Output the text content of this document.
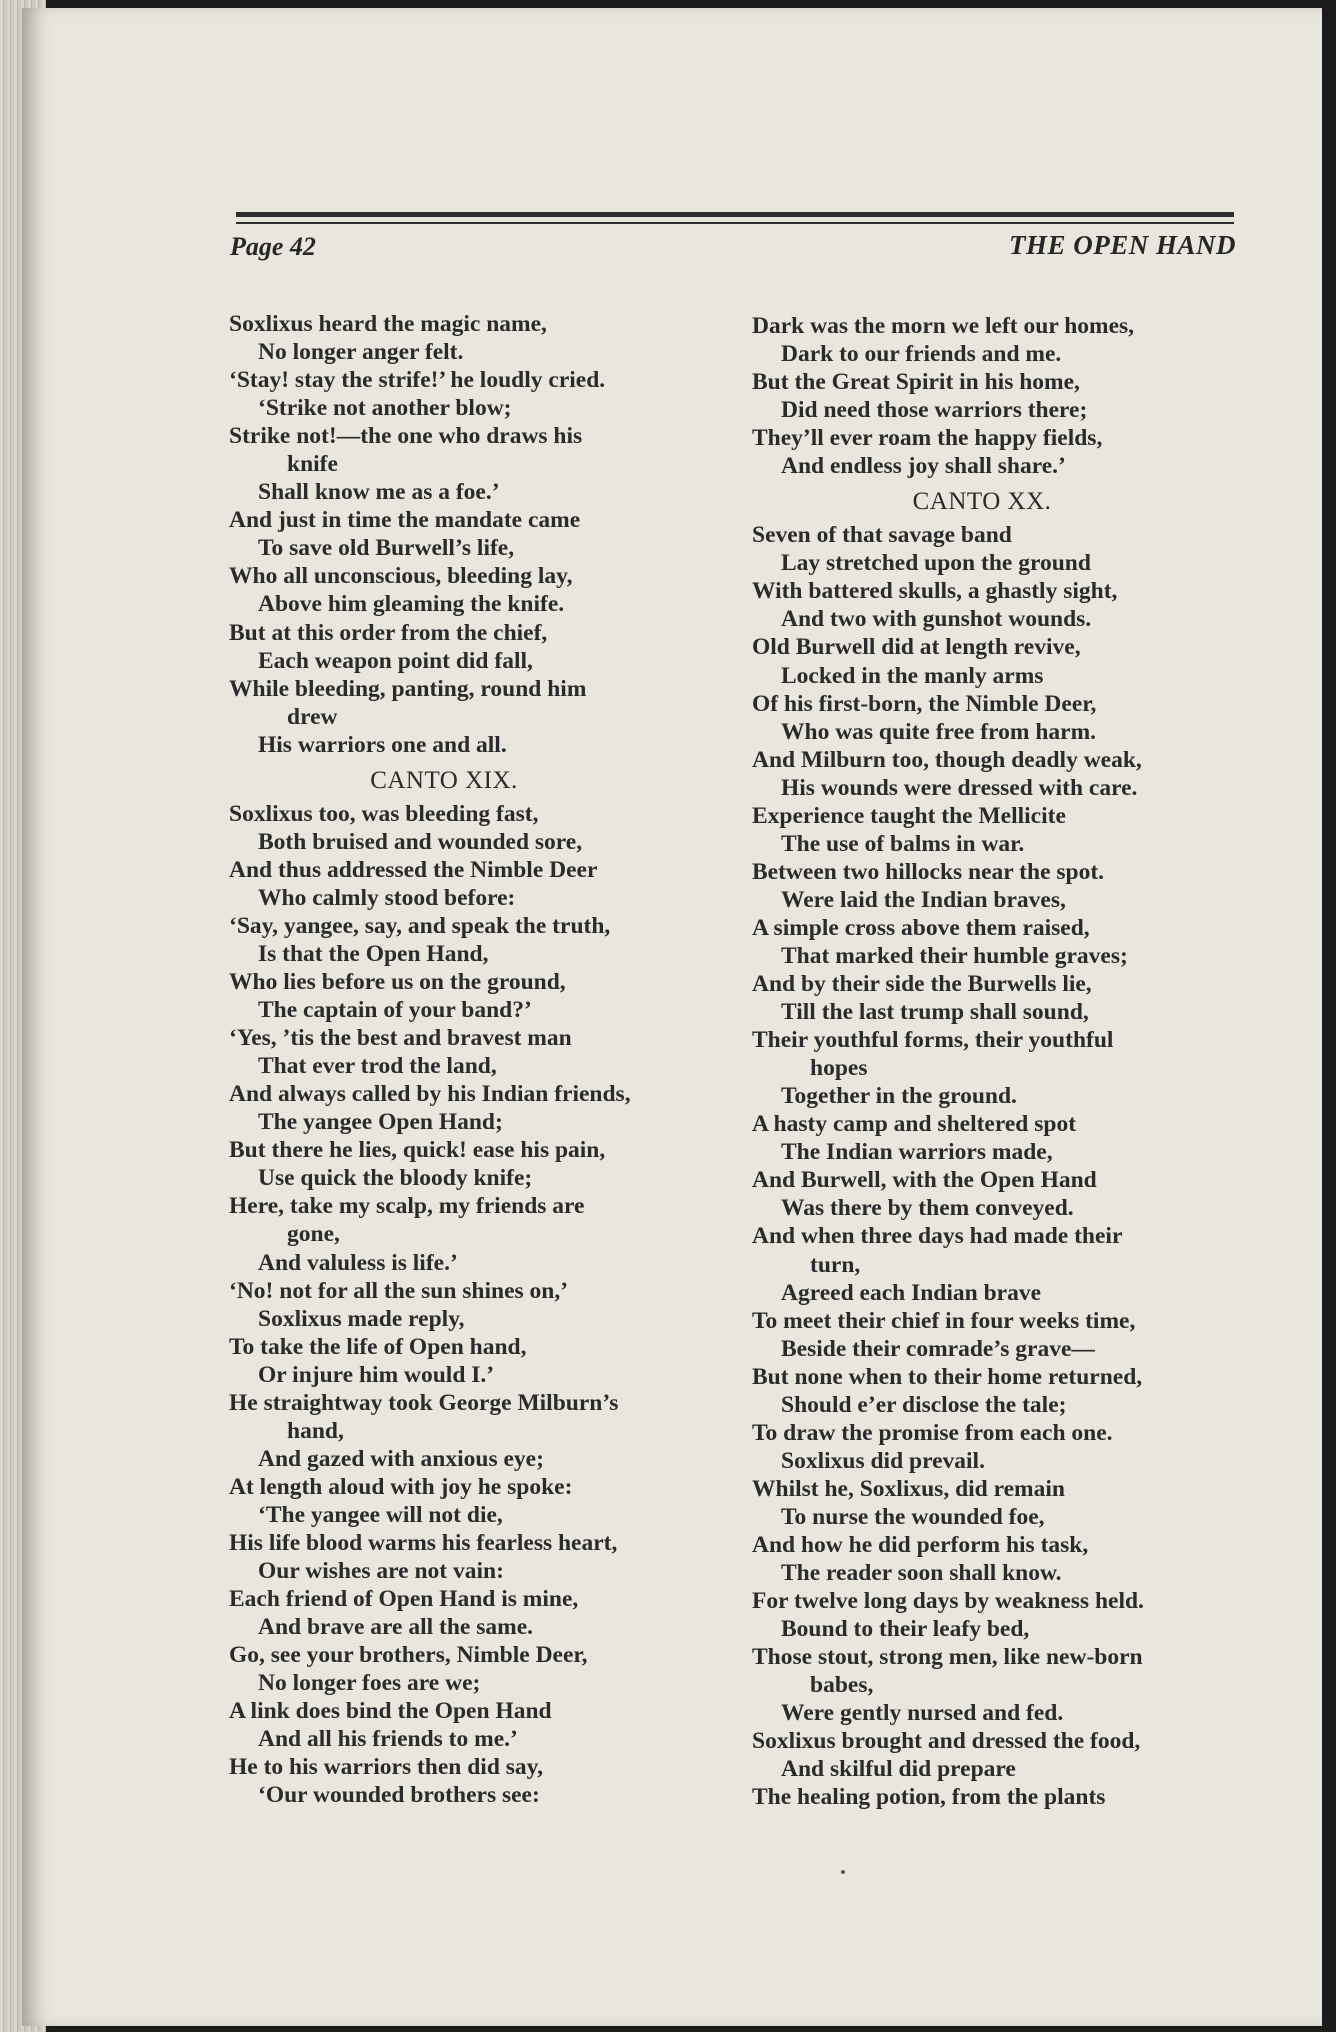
Page 42	THE OPEN HAND
Soxlixus heard the magic name,
No longer anger felt.
‘Stay! stay the strife!’ he loudly cried.
‘Strike not another blow;
Strike not!—the one who draws his
knife
Shall know me as a foe.’
And just in time the mandate came
To save old Burwell’s life,
Who all unconscious, bleeding lay,
Above him gleaming the knife.
But at this order from the chief,
Each weapon point did fall,
While bleeding, panting, round him
drew
His warriors one and all.
CANTO XIX.
Soxlixus too, was bleeding fast,
Both bruised and wounded sore,
And thus addressed the Nimble Deer
Who calmly stood before:
‘Say, yangee, say, and speak the truth,
Is that the Open Hand,
Who lies before us on the ground,
The captain of your band?’
‘Yes, ’tis the best and bravest man
That ever trod the land,
And always called by his Indian friends,
The yangee Open Hand;
But there he lies, quick! ease his pain,
Use quick the bloody knife;
Here, take my scalp, my friends are
gone,
And valuless is life.’
‘No! not for all the sun shines on,’
Soxlixus made reply,
To take the life of Open hand,
Or injure him would I.’
He straightway took George Milburn’s
hand,
And gazed with anxious eye;
At length aloud with joy he spoke:
‘The yangee will not die,
His life blood warms his fearless heart,
Our wishes are not vain:
Each friend of Open Hand is mine,
And brave are all the same.
Go, see your brothers, Nimble Deer,
No longer foes are we;
A link does bind the Open Hand
And all his friends to me.’
He to his warriors then did say,
‘Our wounded brothers see:
Dark was the morn we left our homes,
Dark to our friends and me.
But the Great Spirit in his home,
Did need those warriors there;
They’ll ever roam the happy fields,
And endless joy shall share.’
CANTO XX.
Seven of that savage band
Lay stretched upon the ground
With battered skulls, a ghastly sight,
And two with gunshot wounds.
Old Burwell did at length revive,
Locked in the manly arms
Of his first-born, the Nimble Deer,
Who was quite free from harm.
And Milburn too, though deadly weak,
His wounds were dressed with care.
Experience taught the Mellicite
The use of balms in war.
Between two hillocks near the spot.
Were laid the Indian braves,
A simple cross above them raised,
That marked their humble graves;
And by their side the Burwells lie,
Till the last trump shall sound,
Their youthful forms, their youthful
hopes
Together in the ground.
A hasty camp and sheltered spot
The Indian warriors made,
And Burwell, with the Open Hand
Was there by them conveyed.
And when three days had made their
turn,
Agreed each Indian brave
To meet their chief in four weeks time,
Beside their comrade’s grave—
But none when to their home returned,
Should e’er disclose the tale;
To draw the promise from each one.
Soxlixus did prevail.
Whilst he, Soxlixus, did remain
To nurse the wounded foe,
And how he did perform his task,
The reader soon shall know.
For twelve long days by weakness held.
Bound to their leafy bed,
Those stout, strong men, like new-born
babes,
Were gently nursed and fed.
Soxlixus brought and dressed the food,
And skilful did prepare
The healing potion, from the plants
